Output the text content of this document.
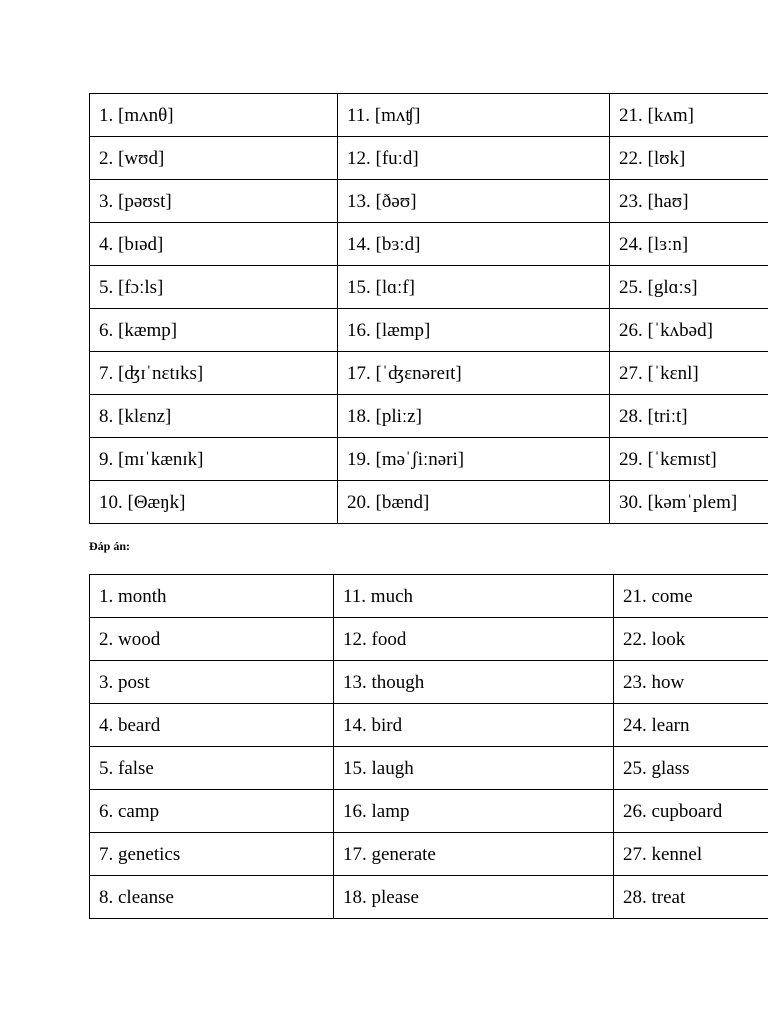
1. [mʌnθ]	11. [mʌʧ]	21. [kʌm]
2. [wʊd]	12. [fuːd]	22. [lʊk]
3. [pəʊst]	13. [ðəʊ]	23. [haʊ]
4. [bɪəd]	14. [bɜːd]	24. [lɜːn]
5. [fɔːls]	15. [lɑːf]	25. [glɑːs]
6. [kæmp]	16. [læmp]	26. [ˈkʌbəd]
7. [ʤɪˈnɛtɪks]	17. [ˈʤɛnəreɪt]	27. [ˈkɛnl]
8. [klɛnz]	18. [pliːz]	28. [triːt]
9. [mɪˈkænɪk]	19. [məˈʃiːnəri]	29. [ˈkɛmɪst]
10. [Θæŋk]	20. [bænd]	30. [kəmˈplem]

Đáp án:

1. month	11. much	21. come
2. wood	12. food	22. look
3. post	13. though	23. how
4. beard	14. bird	24. learn
5. false	15. laugh	25. glass
6. camp	16. lamp	26. cupboard
7. genetics	17. generate	27. kennel
8. cleanse	18. please	28. treat
